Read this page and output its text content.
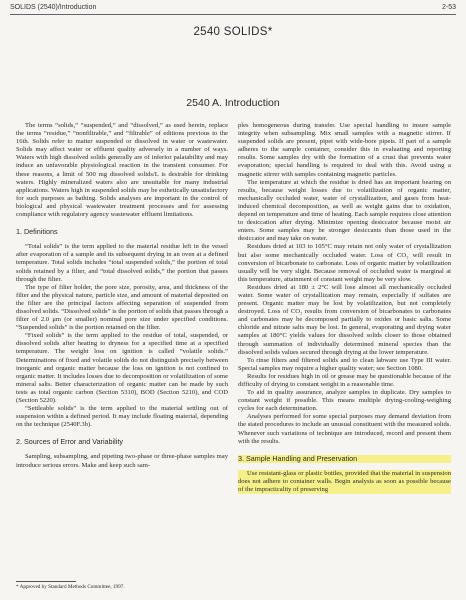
SOLIDS (2540)/Introduction	2-53
2540 SOLIDS*
2540 A. Introduction

The terms “solids,” “suspended,” and “dissolved,” as used herein, replace the terms “residue,” “nonfiltrable,” and “filtrable” of editions previous to the 16th. Solids refer to matter suspended or dissolved in water or wastewater. Solids may affect water or effluent quality adversely in a number of ways. Waters with high dissolved solids generally are of inferior palatability and may induce an unfavorable physiological reaction in the transient consumer. For these reasons, a limit of 500 mg dissolved solids/L is desirable for drinking waters. Highly mineralized waters also are unsuitable for many industrial applications. Waters high in suspended solids may be esthetically unsatisfactory for such purposes as bathing. Solids analyses are important in the control of biological and physical wastewater treatment processes and for assessing compliance with regulatory agency wastewater effluent limitations.

1. Definitions

“Total solids” is the term applied to the material residue left in the vessel after evaporation of a sample and its subsequent drying in an oven at a defined temperature. Total solids includes “total suspended solids,” the portion of total solids retained by a filter, and “total dissolved solids,” the portion that passes through the filter.

The type of filter holder, the pore size, porosity, area, and thickness of the filter and the physical nature, particle size, and amount of material deposited on the filter are the principal factors affecting separation of suspended from dissolved solids. “Dissolved solids” is the portion of solids that passes through a filter of 2.0 μm (or smaller) nominal pore size under specified conditions. “Suspended solids” is the portion retained on the filter.

“Fixed solids” is the term applied to the residue of total, suspended, or dissolved solids after heating to dryness for a specified time at a specified temperature. The weight loss on ignition is called “volatile solids.” Determinations of fixed and volatile solids do not distinguish precisely between inorganic and organic matter because the loss on ignition is not confined to organic matter. It includes losses due to decomposition or volatilization of some mineral salts. Better characterization of organic matter can be made by such tests as total organic carbon (Section 5310), BOD (Section 5210), and COD (Section 5220).

“Settleable solids” is the term applied to the material settling out of suspension within a defined period. It may include floating material, depending on the technique (2540F.3b).

2. Sources of Error and Variability

Sampling, subsampling, and pipeting two-phase or three-phase samples may introduce serious errors. Make and keep such sam-

ples homogeneous during transfer. Use special handling to insure sample integrity when subsampling. Mix small samples with a magnetic stirrer. If suspended solids are present, pipet with wide-bore pipets. If part of a sample adheres to the sample container, consider this in evaluating and reporting results. Some samples dry with the formation of a crust that prevents water evaporation; special handling is required to deal with this. Avoid using a magnetic stirrer with samples containing magnetic particles.

The temperature at which the residue is dried has an important bearing on results, because weight losses due to volatilization of organic matter, mechanically occluded water, water of crystallization, and gases from heat-induced chemical decomposition, as well as weight gains due to oxidation, depend on temperature and time of heating. Each sample requires close attention to desiccation after drying. Minimize opening desiccator because moist air enters. Some samples may be stronger desiccants than those used in the desiccator and may take on water.

Residues dried at 103 to 105°C may retain not only water of crystallization but also some mechanically occluded water. Loss of CO₂ will result in conversion of bicarbonate to carbonate. Loss of organic matter by volatilization usually will be very slight. Because removal of occluded water is marginal at this temperature, attainment of constant weight may be very slow.

Residues dried at 180 ± 2°C will lose almost all mechanically occluded water. Some water of crystallization may remain, especially if sulfates are present. Organic matter may be lost by volatilization, but not completely destroyed. Loss of CO₂ results from conversion of bicarbonates to carbonates and carbonates may be decomposed partially to oxides or basic salts. Some chloride and nitrate salts may be lost. In general, evaporating and drying water samples at 180°C yields values for dissolved solids closer to those obtained through summation of individually determined mineral species than the dissolved solids values secured through drying at the lower temperature.

To rinse filters and filtered solids and to clean labware use Type III water. Special samples may require a higher quality water; see Section 1080.

Results for residues high in oil or grease may be questionable because of the difficulty of drying to constant weight in a reasonable time.

To aid in quality assurance, analyze samples in duplicate. Dry samples to constant weight if possible. This means multiple drying-cooling-weighing cycles for each determination.

Analyses performed for some special purposes may demand deviation from the stated procedures to include an unusual constituent with the measured solids. Whenever such variations of technique are introduced, record and present them with the results.

3. Sample Handling and Preservation

Use resistant-glass or plastic bottles, provided that the material in suspension does not adhere to container walls. Begin analysis as soon as possible because of the impracticality of preserving

* Approved by Standard Methods Committee, 1997.
